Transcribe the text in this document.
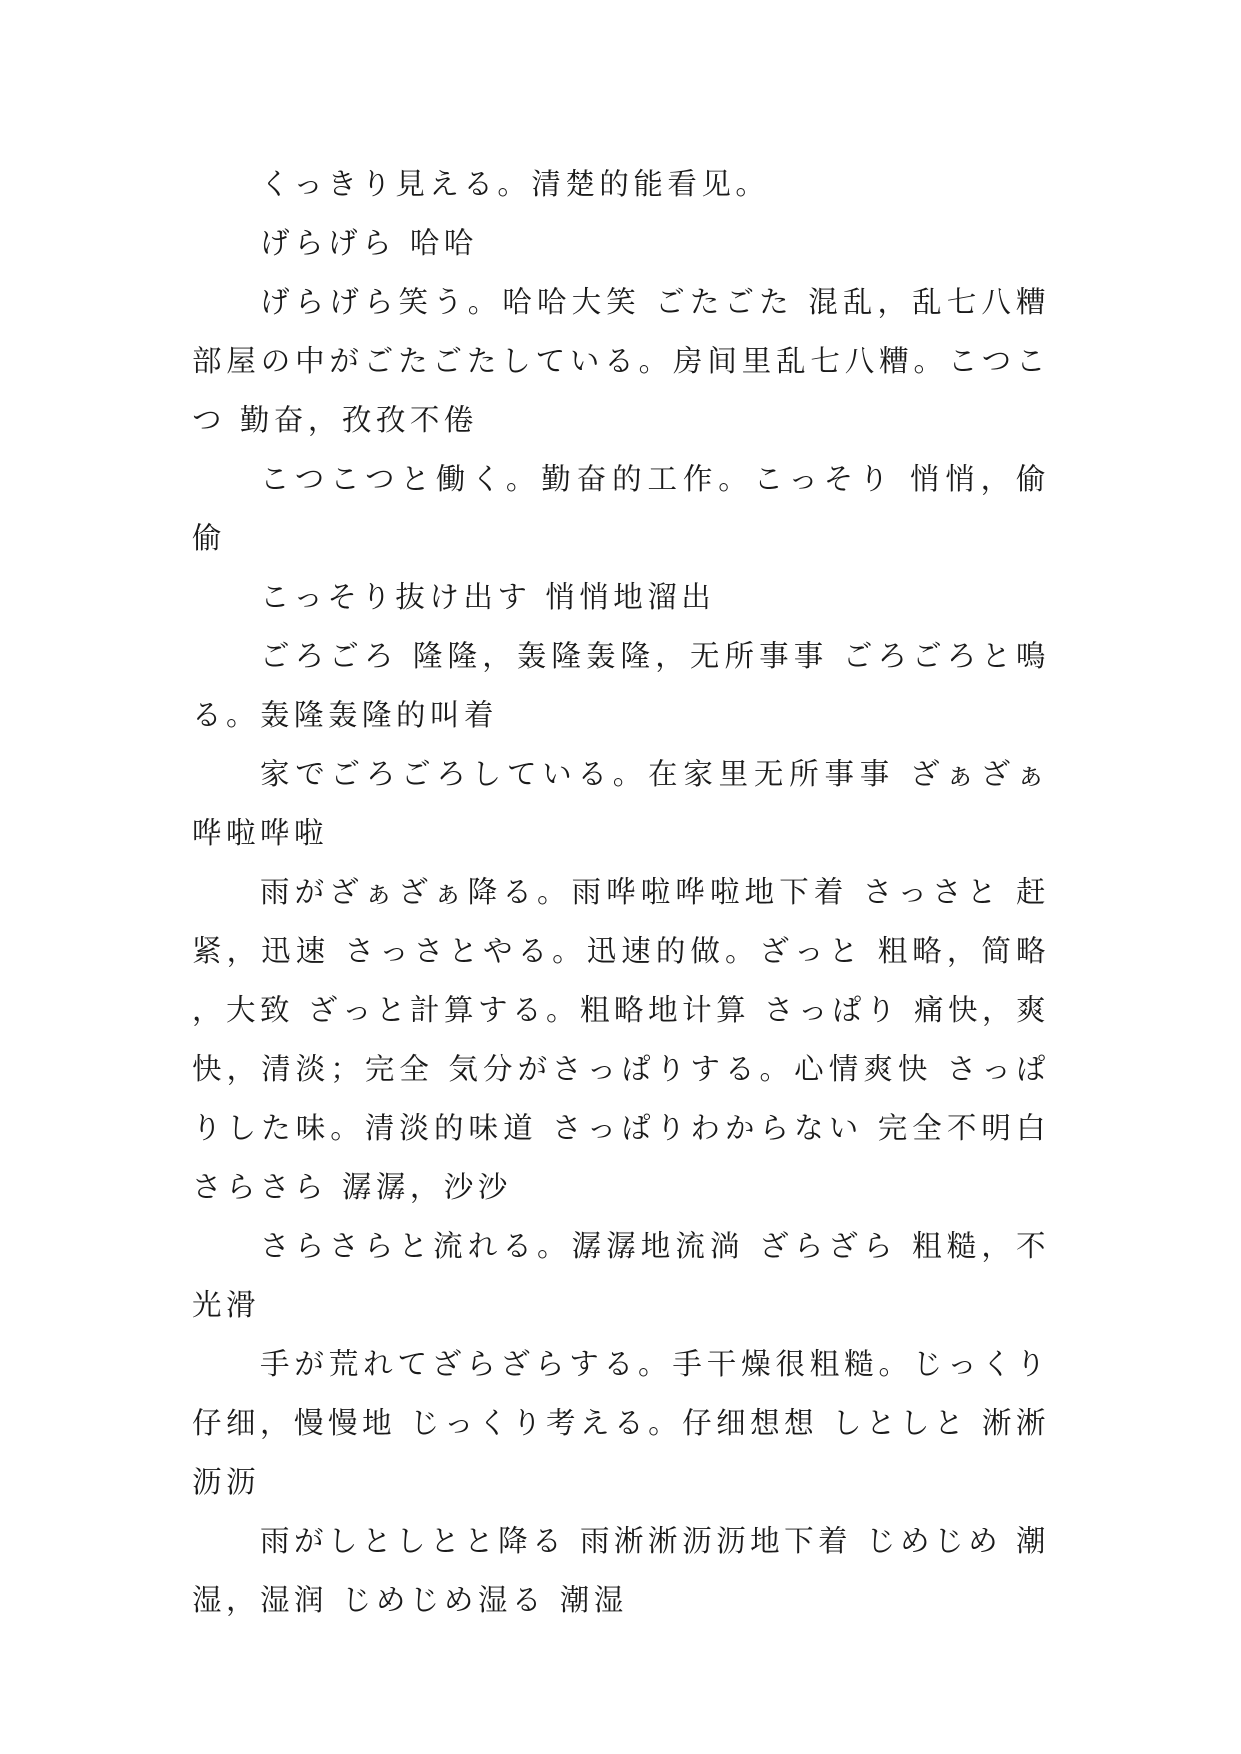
くっきり見える。清楚的能看见。

げらげら 哈哈

げらげら笑う。哈哈大笑 ごたごた 混乱，乱七八糟 部屋の中がごたごたしている。房间里乱七八糟。こつこつ 勤奋，孜孜不倦

こつこつと働く。勤奋的工作。こっそり 悄悄，偷偷

こっそり抜け出す 悄悄地溜出

ごろごろ 隆隆，轰隆轰隆，无所事事 ごろごろと鳴る。轰隆轰隆的叫着

家でごろごろしている。在家里无所事事 ざぁざぁ 哗啦哗啦

雨がざぁざぁ降る。雨哗啦哗啦地下着 さっさと 赶紧，迅速 さっさとやる。迅速的做。ざっと 粗略，简略，大致 ざっと計算する。粗略地计算 さっぱり 痛快，爽快，清淡；完全 気分がさっぱりする。心情爽快 さっぱりした味。清淡的味道 さっぱりわからない 完全不明白 さらさら 潺潺，沙沙

さらさらと流れる。潺潺地流淌 ざらざら 粗糙，不光滑

手が荒れてざらざらする。手干燥很粗糙。じっくり 仔细，慢慢地 じっくり考える。仔细想想 しとしと 淅淅沥沥

雨がしとしとと降る 雨淅淅沥沥地下着 じめじめ 潮湿，湿润 じめじめ湿る 潮湿
